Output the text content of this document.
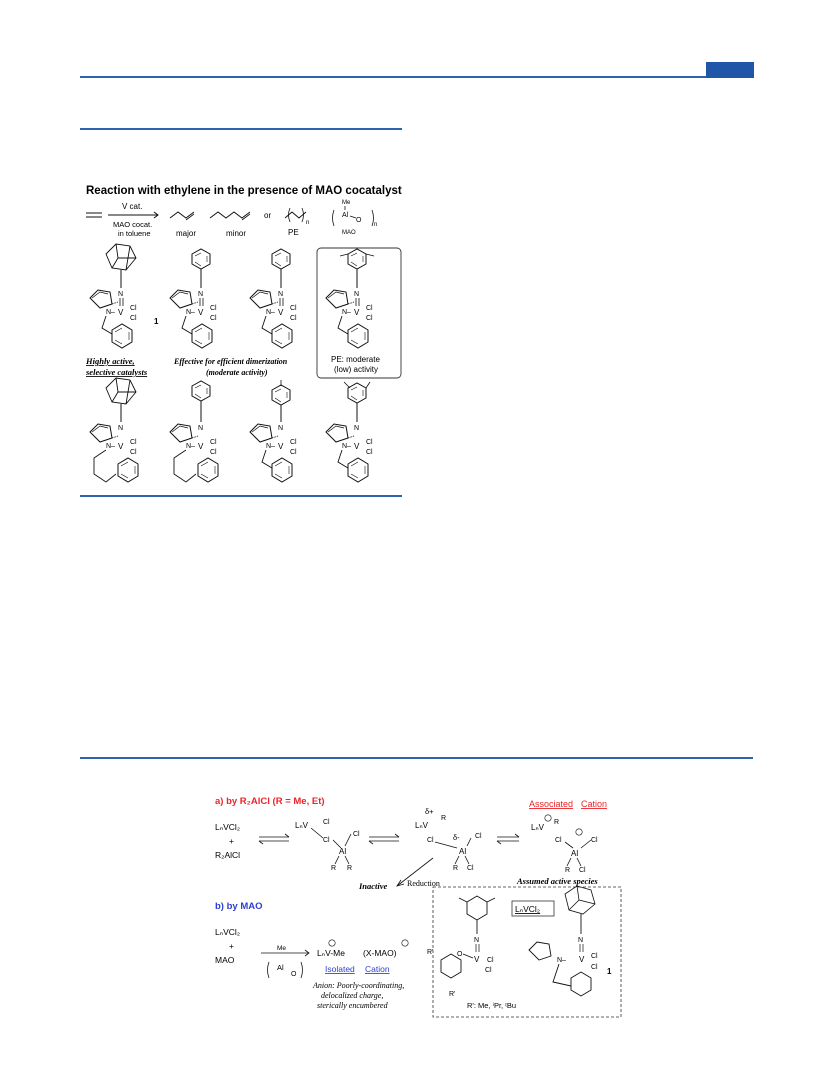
Reaction with ethylene in the presence of MAO cocatalyst
V cat.
MAO cocat.
in toluene	major	minor
or
n
PE
Me
Al
O
n
MAO
N
N– V Cl
Cl 1
N
N– V Cl
Cl
N
N– V Cl
Cl
N
N– V Cl
Cl
PE: moderate
(low) activity
Highly active,
selective catalysts
Effective for efficient dimerization
(moderate activity)
N
N– V Cl
Cl
N
N– V Cl
Cl
N
N– V Cl
Cl
N
N– V Cl
Cl
a) by R₂AlCl (R = Me, Et)
LₙVCl₂
+
R₂AlCl
LₙV Cl
Cl
Cl
Al
R R
δ+
LₙV
R
Cl	δ- Cl
Al
R Cl
Associated Cation
LₙV
R
Cl	Cl
Al
R Cl
Inactive Reduction	Assumed active species
b) by MAO
LₙVCl₂
+
MAO
Me
Al
O
LₙV-Me (X-MAO)
Isolated Cation
Anion: Poorly-coordinating,
delocalized charge,
sterically encumbered
LₙVCl₂
N
V Cl
Cl
O
R'
R'
R': Me, ⁱPr, ᵗBu
N
N– V Cl
Cl 1
